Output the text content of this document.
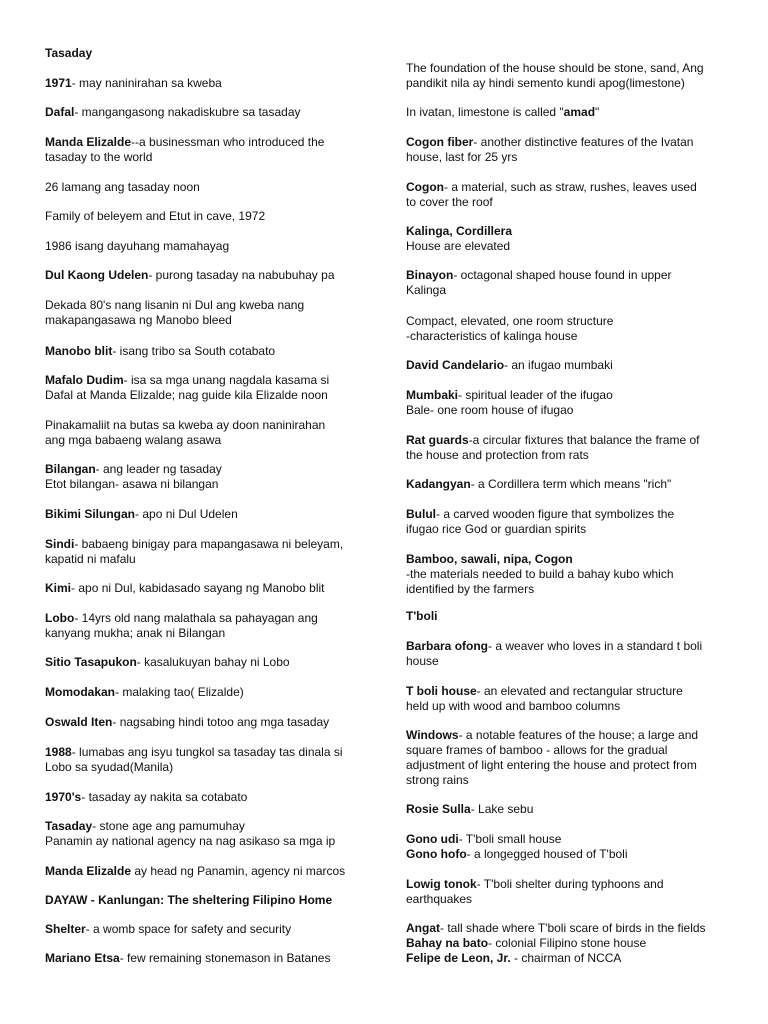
Tasaday

1971- may naninirahan sa kweba

Dafal- mangangasong nakadiskubre sa tasaday

Manda Elizalde--a businessman who introduced the
tasaday to the world

26 lamang ang tasaday noon

Family of beleyem and Etut in cave, 1972

1986 isang dayuhang mamahayag

Dul Kaong Udelen- purong tasaday na nabubuhay pa

Dekada 80's nang lisanin ni Dul ang kweba nang
makapangasawa ng Manobo bleed

Manobo blit- isang tribo sa South cotabato

Mafalo Dudim- isa sa mga unang nagdala kasama si
Dafal at Manda Elizalde; nag guide kila Elizalde noon

Pinakamaliit na butas sa kweba ay doon naninirahan
ang mga babaeng walang asawa

Bilangan- ang leader ng tasaday
Etot bilangan- asawa ni bilangan

Bikimi Silungan- apo ni Dul Udelen

Sindi- babaeng binigay para mapangasawa ni beleyam,
kapatid ni mafalu

Kimi- apo ni Dul, kabidasado sayang ng Manobo blit

Lobo- 14yrs old nang malathala sa pahayagan ang
kanyang mukha; anak ni Bilangan

Sitio Tasapukon- kasalukuyan bahay ni Lobo

Momodakan- malaking tao( Elizalde)

Oswald Iten- nagsabing hindi totoo ang mga tasaday

1988- lumabas ang isyu tungkol sa tasaday tas dinala si
Lobo sa syudad(Manila)

1970's- tasaday ay nakita sa cotabato

Tasaday- stone age ang pamumuhay
Panamin ay national agency na nag asikaso sa mga ip

Manda Elizalde ay head ng Panamin, agency ni marcos

DAYAW - Kanlungan: The sheltering Filipino Home

Shelter- a womb space for safety and security

Mariano Etsa- few remaining stonemason in Batanes

The foundation of the house should be stone, sand, Ang
pandikit nila ay hindi semento kundi apog(limestone)

In ivatan, limestone is called "amad"

Cogon fiber- another distinctive features of the Ivatan
house, last for 25 yrs

Cogon- a material, such as straw, rushes, leaves used
to cover the roof

Kalinga, Cordillera
House are elevated

Binayon- octagonal shaped house found in upper
Kalinga

Compact, elevated, one room structure
-characteristics of kalinga house

David Candelario- an ifugao mumbaki

Mumbaki- spiritual leader of the ifugao
Bale- one room house of ifugao

Rat guards-a circular fixtures that balance the frame of
the house and protection from rats

Kadangyan- a Cordillera term which means "rich"

Bulul- a carved wooden figure that symbolizes the
ifugao rice God or guardian spirits

Bamboo, sawali, nipa, Cogon
-the materials needed to build a bahay kubo which
identified by the farmers

T'boli

Barbara ofong- a weaver who loves in a standard t boli
house

T boli house- an elevated and rectangular structure
held up with wood and bamboo columns

Windows- a notable features of the house; a large and
square frames of bamboo - allows for the gradual
adjustment of light entering the house and protect from
strong rains

Rosie Sulla- Lake sebu

Gono udi- T'boli small house
Gono hofo- a longegged housed of T'boli

Lowig tonok- T'boli shelter during typhoons and
earthquakes

Angat- tall shade where T'boli scare of birds in the fields
Bahay na bato- colonial Filipino stone house
Felipe de Leon, Jr. - chairman of NCCA
